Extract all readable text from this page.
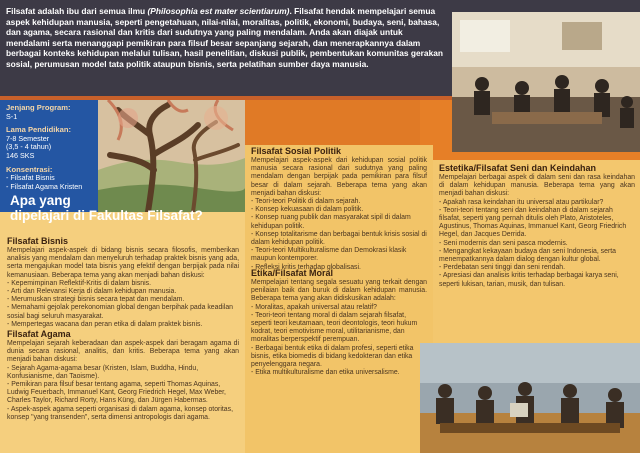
Filsafat adalah ibu dari semua ilmu (Philosophia est mater scientiarum). Filsafat hendak mempelajari semua aspek kehidupan manusia, seperti pengetahuan, nilai-nilai, moralitas, politik, ekonomi, budaya, seni, bahasa, dan agama, secara rasional dan kritis dari sudutnya yang paling mendalam. Anda akan diajak untuk mendalami serta menanggapi pemikiran para filsuf besar sepanjang sejarah, dan menerapkannya dalam berbagai konteks kehidupan melalui tulisan, hasil penelitian, diskusi publik, pembentukan komunitas gerakan sosial, perumusan model tata politik ataupun bisnis, serta pelatihan sumber daya manusia.

Jenjang Program:

S-1

Lama Pendidikan:

7-8 Semester

(3,5 - 4 tahun)

146 SKS

Konsentrasi:

- Filsafat Bisnis

- Filsafat Agama Kristen

Apa yang
dipelajari di Fakultas Filsafat?
Filsafat Bisnis

Mempelajari aspek-aspek di bidang bisnis secara filosofis, memberikan analisis yang mendalam dan menyeluruh terhadap praktek bisnis yang ada, serta mengajukan model tata bisnis yang efektif dengan berpijak pada nilai kemanusiaan. Beberapa tema yang akan menjadi bahan diskusi:

- Kepemimpinan Reflektif-Kritis di dalam bisnis.
- Arti dan Relevansi Kerja di dalam kehidupan manusia.
- Merumuskan strategi bisnis secara tepat dan mendalam.
- Memahami gejolak perekonomian global dengan berpihak pada keadilan sosial bagi seluruh masyarakat.
- Mempertegas wacana dan peran etika di dalam praktek bisnis.
Filsafat Agama

Mempelajari sejarah keberadaan dan aspek-aspek dari beragam agama di dunia secara rasional, analitis, dan kritis. Beberapa tema yang akan menjadi bahan diskusi:

- Sejarah Agama-agama besar (Kristen, Islam, Buddha, Hindu, Konfusianisme, dan Taoisme).
- Pemikiran para filsuf besar tentang agama, seperti Thomas Aquinas, Ludwig Feuerbach, Immanuel Kant, Georg Friedrich Hegel, Max Weber, Charles Taylor, Richard Rorty, Hans Küng, dan Jürgen Habermas.
- Aspek-aspek agama seperti organisasi di dalam agama, konsep otoritas, konsep "yang transenden", serta dimensi antropologis dari agama.
Filsafat Sosial Politik

Mempelajari aspek-aspek dari kehidupan sosial politik manusia secara rasional dari sudutnya yang paling mendalam dengan berpijak pada pemikiran para filsuf besar di dalam sejarah. Beberapa tema yang akan menjadi bahan diskusi:

- Teori-teori Politik di dalam sejarah.
- Konsep kekuasaan di dalam politik.
- Konsep ruang publik dan masyarakat sipil di dalam kehidupan politik.
- Konsep totalitarisme dan berbagai bentuk krisis sosial di dalam kehidupan politik.
- Teori-teori Multikulturalisme dan Demokrasi klasik maupun kontemporer.
- Refleksi kritis terhadap globalisasi.
Etika/Filsafat Moral

Mempelajari tentang segala sesuatu yang terkait dengan penilaian baik dan buruk di dalam kehidupan manusia. Beberapa tema yang akan didiskusikan adalah:

- Moralitas, apakah universal atau relatif?
- Teori-teori tentang moral di dalam sejarah filsafat, seperti teori keutamaan, teori deontologis, teori hukum kodrat, teori emotivisme moral, utilitarianisme, dan moralitas berperspektif perempuan.
- Berbagai bentuk etika di dalam profesi, seperti etika bisnis, etika biomedis di bidang kedokteran dan etika penyelenggara negara.
- Etika multikulturalisme dan etika universalisme.
Estetika/Filsafat Seni dan Keindahan

Mempelajari berbagai aspek di dalam seni dan rasa keindahan di dalam kehidupan manusia. Beberapa tema yang akan menjadi bahan diskusi:

- Apakah rasa keindahan itu universal atau partikular?
- Teori-teori tentang seni dan keindahan di dalam sejarah filsafat, seperti yang pernah ditulis oleh Plato, Aristoteles, Agustinus, Thomas Aquinas, Immanuel Kant, Georg Friedrich Hegel, dan Jacques Derrida.
- Seni modernis dan seni pasca modernis.
- Mengangkat kekayaan budaya dan seni Indonesia, serta menempatkannya dalam dialog dengan kultur global.
- Perdebatan seni tinggi dan seni rendah.
- Apresiasi dan analisis kritis terhadap berbagai karya seni, seperti lukisan, tarian, musik, dan tulisan.
